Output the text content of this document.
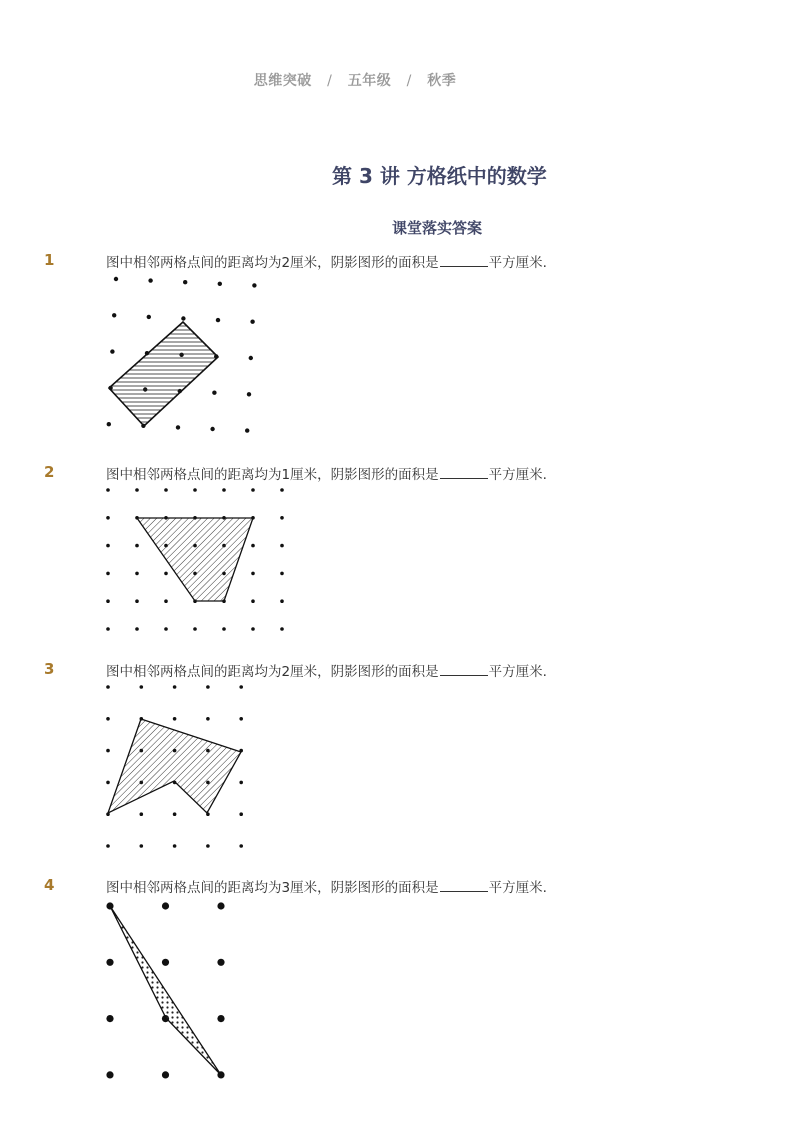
思维突破 / 五年级 / 秋季
第 3 讲 方格纸中的数学
课堂落实答案
1	图中相邻两格点间的距离均为2厘米，阴影图形的面积是	平方厘米.
2	图中相邻两格点间的距离均为1厘米，阴影图形的面积是	平方厘米.
3	图中相邻两格点间的距离均为2厘米，阴影图形的面积是	平方厘米.
4	图中相邻两格点间的距离均为3厘米，阴影图形的面积是	平方厘米.
